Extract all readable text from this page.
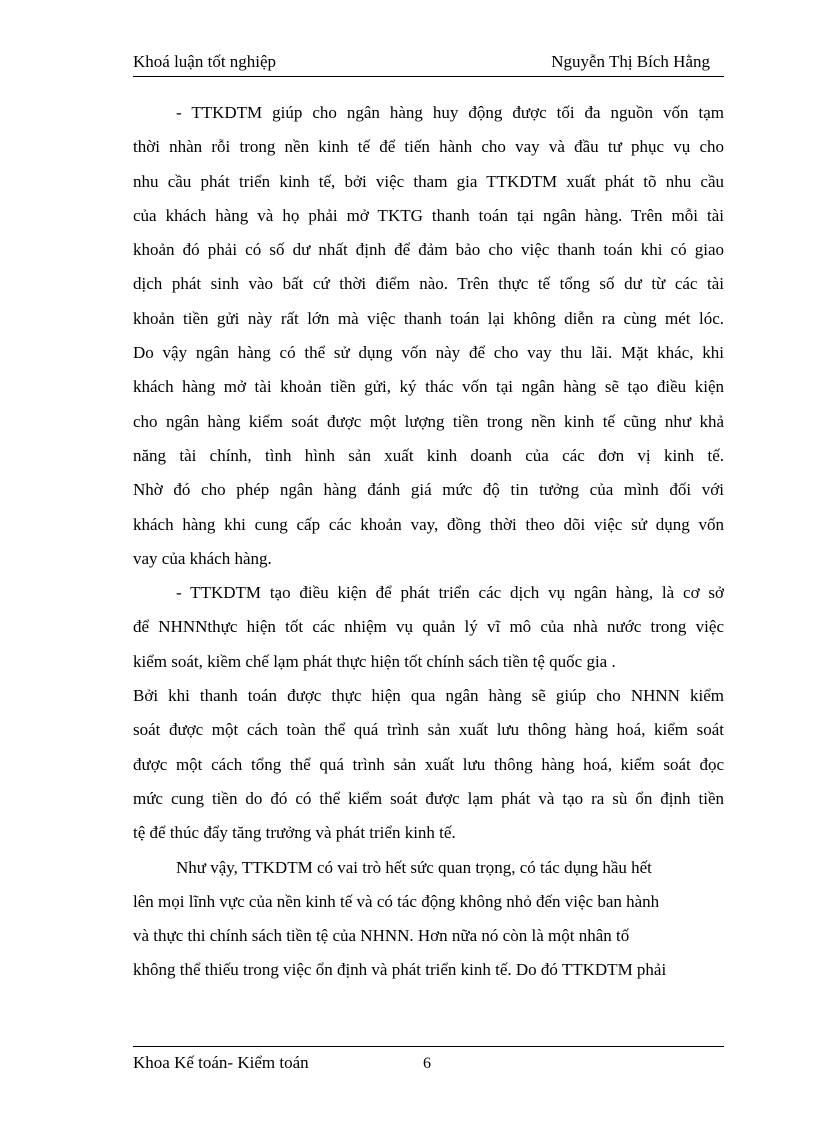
Khoá luận tốt nghiệp	Nguyễn Thị Bích Hằng
- TTKDTM giúp cho ngân hàng huy động được tối đa nguồn vốn tạm
thời nhàn rỗi trong nền kinh tế để tiến hành cho vay và đầu tư phục vụ cho
nhu cầu phát triển kinh tế, bởi việc tham gia TTKDTM xuất phát tõ nhu cầu
của khách hàng và họ phải mở TKTG thanh toán tại ngân hàng. Trên mỗi tài
khoản đó phải có số dư nhất định để đảm bảo cho việc thanh toán khi có giao
dịch phát sinh vào bất cứ thời điểm nào. Trên thực tế tổng số dư từ các tài
khoản tiền gửi này rất lớn mà việc thanh toán lại không diễn ra cùng mét lóc.
Do vậy ngân hàng có thể sử dụng vốn này để cho vay thu lãi. Mặt khác, khi
khách hàng mở tài khoản tiền gửi, ký thác vốn tại ngân hàng sẽ tạo điều kiện
cho ngân hàng kiểm soát được một lượng tiền trong nền kinh tế cũng như khả
năng tài chính, tình hình sản xuất kinh doanh của các đơn vị kinh tế.
Nhờ đó cho phép ngân hàng đánh giá mức độ tin tưởng của mình đối với
khách hàng khi cung cấp các khoản vay, đồng thời theo dõi việc sử dụng vốn
vay của khách hàng.
- TTKDTM tạo điều kiện để phát triển các dịch vụ ngân hàng, là cơ sở
để NHNNthực hiện tốt các nhiệm vụ quản lý vĩ mô của nhà nước trong việc
kiểm soát, kiềm chế lạm phát thực hiện tốt chính sách tiền tệ quốc gia .
Bởi khi thanh toán được thực hiện qua ngân hàng sẽ giúp cho NHNN kiểm
soát được một cách toàn thể quá trình sản xuất lưu thông hàng hoá, kiểm soát
được một cách tổng thể quá trình sản xuất lưu thông hàng hoá, kiểm soát đọc
mức cung tiền do đó có thể kiểm soát được lạm phát và tạo ra sù ổn định tiền
tệ để thúc đẩy tăng trưởng và phát triển kinh tế.
Như vậy, TTKDTM có vai trò hết sức quan trọng, có tác dụng hầu hết
lên mọi lĩnh vực của nền kinh tế và có tác động không nhỏ đến việc ban hành
và thực thi chính sách tiền tệ của NHNN. Hơn nữa nó còn là một nhân tố
không thể thiếu trong việc ổn định và phát triển kinh tế. Do đó TTKDTM phải
Khoa Kế toán- Kiểm toán	6
